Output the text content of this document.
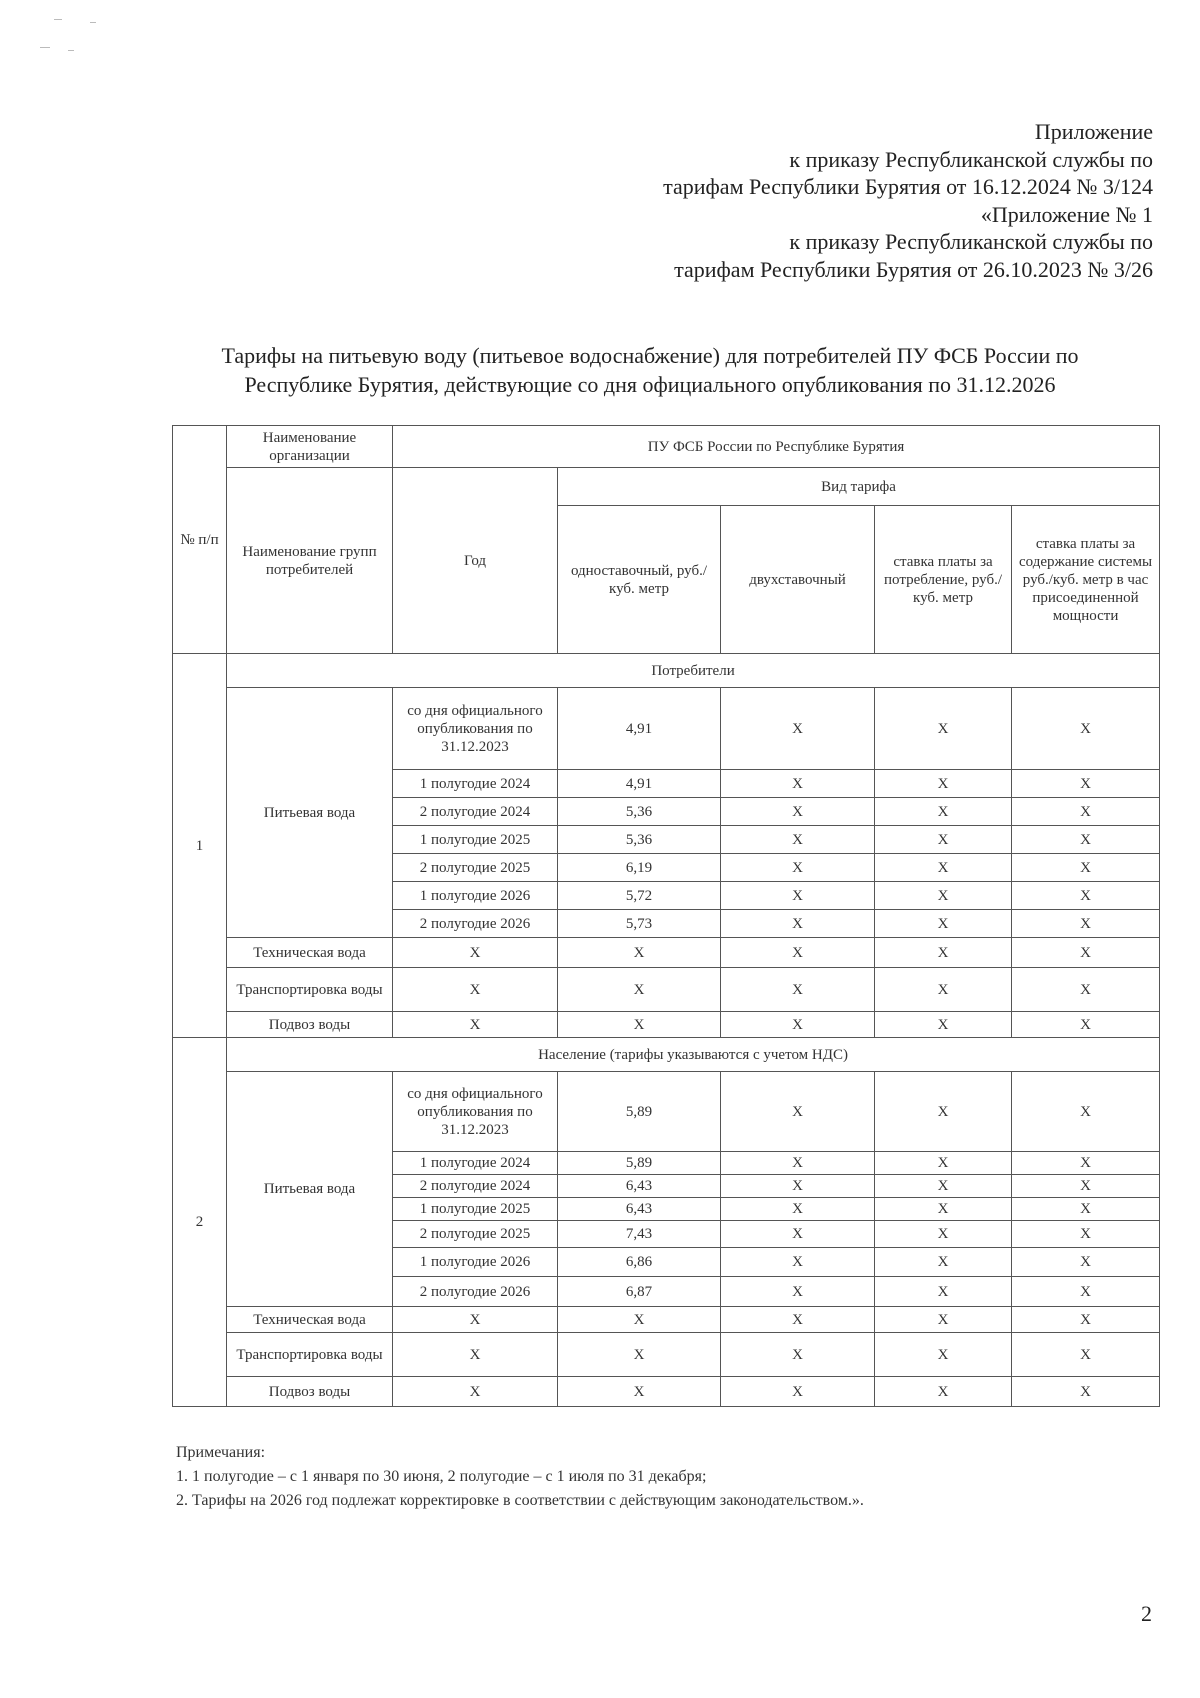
Приложение
к приказу Республиканской службы по
тарифам Республики Бурятия от 16.12.2024 № 3/124
«Приложение № 1
к приказу Республиканской службы по
тарифам Республики Бурятия от 26.10.2023 № 3/26
Тарифы на питьевую воду (питьевое водоснабжение) для потребителей ПУ ФСБ России по
Республике Бурятия, действующие со дня официального опубликования по 31.12.2026
№ п/п	Наименование организации	ПУ ФСБ России по Республике Бурятия				
	Наименование групп потребителей	Год	Вид тарифа			
			одноставочный, руб./ куб. метр	двухставочный	ставка платы за потребление, руб./ куб. метр	ставка платы за содержание системы руб./куб. метр в час присоединенной мощности
1	Потребители					
	Питьевая вода	со дня официального опубликования по 31.12.2023	4,91	X	X	X
		1 полугодие 2024	4,91	X	X	X
		2 полугодие 2024	5,36	X	X	X
		1 полугодие 2025	5,36	X	X	X
		2 полугодие 2025	6,19	X	X	X
		1 полугодие 2026	5,72	X	X	X
		2 полугодие 2026	5,73	X	X	X
	Техническая вода	X	X	X	X	X
	Транспортировка воды	X	X	X	X	X
	Подвоз воды	X	X	X	X	X
2	Население (тарифы указываются с учетом НДС)					
	Питьевая вода	со дня официального опубликования по 31.12.2023	5,89	X	X	X
		1 полугодие 2024	5,89	X	X	X
		2 полугодие 2024	6,43	X	X	X
		1 полугодие 2025	6,43	X	X	X
		2 полугодие 2025	7,43	X	X	X
		1 полугодие 2026	6,86	X	X	X
		2 полугодие 2026	6,87	X	X	X
	Техническая вода	X	X	X	X	X
	Транспортировка воды	X	X	X	X	X
	Подвоз воды	X	X	X	X	X
Примечания:
1. 1 полугодие – с 1 января по 30 июня, 2 полугодие – с 1 июля по 31 декабря;
2. Тарифы на 2026 год подлежат корректировке в соответствии с действующим законодательством.».
2
